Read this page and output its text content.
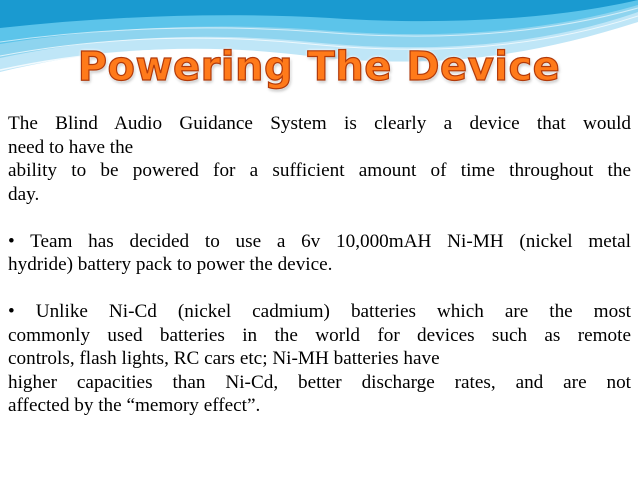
Powering The Device
The Blind Audio Guidance System is clearly a device that would
need to have the
ability to be powered for a sufficient amount of time throughout the
day.
• Team has decided to use a 6v 10,000mAH Ni-MH (nickel metal
hydride) battery pack to power the device.
• Unlike Ni-Cd (nickel cadmium) batteries which are the most
commonly used batteries in the world for devices such as remote
controls, flash lights, RC cars etc; Ni-MH batteries have
higher capacities than Ni-Cd, better discharge rates, and are not
affected by the “memory effect”.
